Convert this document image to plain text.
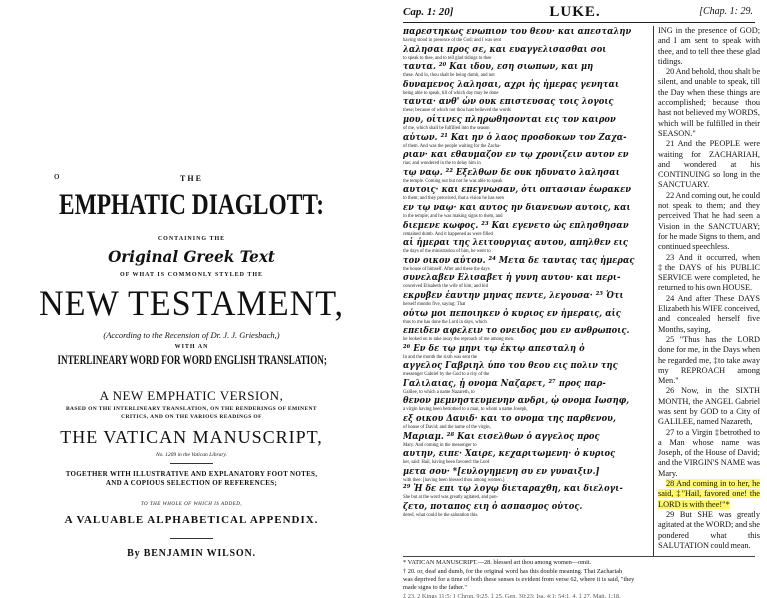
o	THE
EMPHATIC DIAGLOTT:
CONTAINING THE
Original Greek Text
OF WHAT IS COMMONLY STYLED THE
NEW TESTAMENT,
(According to the Recension of Dr. J. J. Griesbach,)
WITH AN
INTERLINEARY WORD FOR WORD ENGLISH TRANSLATION;
A NEW EMPHATIC VERSION,
BASED ON THE INTERLINEARY TRANSLATION, ON THE RENDERINGS OF EMINENT
CRITICS, AND ON THE VARIOUS READINGS OF
THE VATICAN MANUSCRIPT,
No. 1209 in the Vatican Library.
TOGETHER WITH ILLUSTRATIVE AND EXPLANATORY FOOT NOTES,
AND A COPIOUS SELECTION OF REFERENCES;
TO THE WHOLE OF WHICH IS ADDED,
A VALUABLE ALPHABETICAL APPENDIX.
By BENJAMIN WILSON.
Cap. 1: 20]	LUKE.	[Chap. 1: 29.
παρεστηκως ενωπιον του θεου· και απεσταλην
having stood in presence of the God; and I was sent
λαλησαι προς σε, και ευαγγελισασθαι σοι
to speak to thee, and to tell glad tidings to thee
ταυτα. ²⁰ Και ιδου, εση σιωπων, και μη
these. And lo, thou shalt be being dumb, and not
δυναμενος λαλησαι, αχρι ἧς ἡμερας γενηται
being able to speak, till of which day may be done
ταυτα· ανθ' ὧν ουκ επιστευσας τοις λογοις
these; because of which not thou hast believed the words
μου, οἱτινες πληρωθησονται εις τον καιρον
of me, which shall be fulfilled into the season
αὑτων. ²¹ Και ην ὁ λαος προσδοκων τον Ζαχα-
of them. And was the people waiting for the Zacha-
ριαν· και εθαυμαζον εν τῳ χρονιζειν αυτον εν
rias; and wondered in the to delay him in
τῳ ναῳ. ²² Εξελθων δε ουκ ηδυνατο λαλησαι
the temple. Coming out but not he was able to speak
αυτοις· και επεγνωσαν, ὁτι οπτασιαν ἑωρακεν
to them; and they perceived, that a vision he has seen
εν τῳ ναῳ· και αυτος ην διανευων αυτοις, και
in the temple; and he was making signs to them, and
διεμενε κωφος. ²³ Και εγενετο ὡς επλησθησαν
remained dumb. And it happened as were filled
αἱ ἡμεραι της λειτουργιας αυτου, απηλθεν εις
the days of the ministration of him, he went to
τον οικον αὑτου. ²⁴ Μετα δε ταυτας τας ἡμερας
the house of himself. After and these the days
συνελαβεν Ελισαβετ ἡ γυνη αυτου· και περι-
conceived Elisabeth the wife of him; and hid
εκρυβεν ἑαυτην μηνας πεντε, λεγουσα· ²⁵ Ὁτι
herself months five, saying: That
οὑτω μοι πεποιηκεν ὁ κυριος εν ἡμεραις, αἱς
thus to me has done the Lord in days, which
επειδεν αφελειν το ονειδος μου εν ανθρωποις.
he looked on to take away the reproach of me among men.
²⁶ Εν δε τῳ μηνι τῳ ἑκτῳ απεσταλη ὁ
In and the month the sixth was sent the
αγγελος Γαβριηλ ὑπο του θεου εις πολιν της
messenger Gabriel by the God to a city of the
Γαλιλαιας, ᾗ ονομα Ναζαρετ, ²⁷ προς παρ-
Galilee, to which a name Nazareth, to
θενον μεμνηστευμενην ανδρι, ᾧ ονομα Ιωσηφ,
a virgin having been betrothed to a man, to whom a name Joseph,
εξ οικου Δαυιδ· και το ονομα της παρθενου,
of house of David; and the name of the virgin,
Μαριαμ. ²⁸ Και εισελθων ὁ αγγελος προς
Mary. And coming in the messenger to
αυτην, ειπε· Χαιρε, κεχαριτωμενη· ὁ κυριος
her, said: Hail, having been favored: the Lord
μετα σου· *[ευλογημενη συ εν γυναιξιν.]
with thee: [having been blessed thou among women.]
²⁹ Ἡ δε επι τῳ λογῳ διεταραχθη, και διελογι-
She but at the word was greatly agitated, and pon-
ζετο, ποταπος ειη ὁ ασπασμος οὑτος.
dered, what could be the salutation this.

ING in the presence of GOD; and I am sent to speak with thee, and to tell thee these glad tidings.

20 And behold, thou shalt be silent, and unable to speak, till the Day when these things are accomplished; because thou hast not believed my WORDS, which will be fulfilled in their SEASON."

21 And the PEOPLE were waiting for ZACHARIAH, and wondered at his CONTINUING so long in the SANCTUARY.

22 And coming out, he could not speak to them; and they perceived That he had seen a Vision in the SANCTUARY; for he made Signs to them, and continued speechless.

23 And it occurred, when ‡the DAYS of his PUBLIC SERVICE were completed, he returned to his own HOUSE.

24 And after These DAYS Elizabeth his WIFE conceived, and concealed herself five Months, saying,

25 "Thus has the LORD done for me, in the Days when he regarded me, ‡to take away my REPROACH among Men."

26 Now, in the SIXTH MONTH, the ANGEL Gabriel was sent by GOD to a City of GALILEE, named Nazareth,

27 to a Virgin ‡betrothed to a Man whose name was Joseph, of the House of David; and the VIRGIN'S NAME was Mary.

28 And coming in to her, he said, ‡"Hail, favored one! the LORD is with thee!"*

29 But SHE was greatly agitated at the WORD; and she pondered what this SALUTATION could mean.

* VATICAN MANUSCRIPT.—28. blessed art thou among women—omit.
† 20. or, deaf and dumb, for the original word has this double meaning. That Zachariah
was deprived for a time of both these senses is evident from verse 62, where it is said, "they
made signs to the father."
‡ 23. 2 Kings 11:5; 1 Chron. 9:25. ‡ 25. Gen. 30:23; Isa. 4:1; 54:1, 4. ‡ 27. Matt. 1:18.
